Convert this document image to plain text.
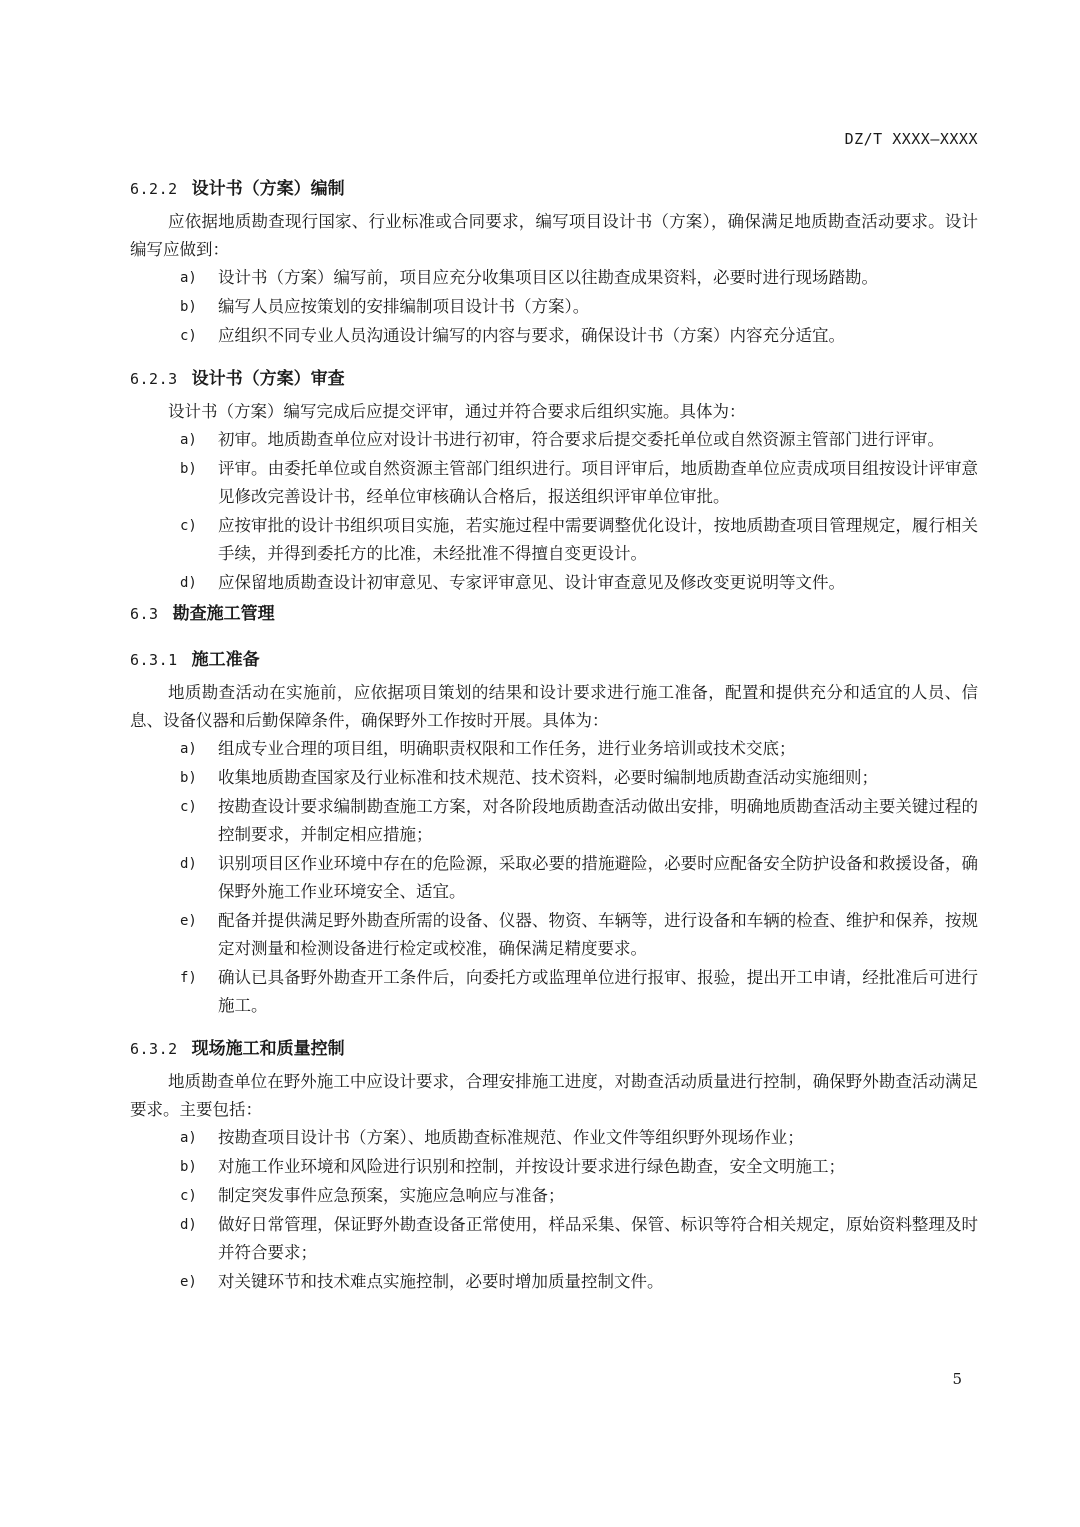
DZ/T XXXX—XXXX
6.2.2 设计书（方案）编制

应依据地质勘查现行国家、行业标准或合同要求，编写项目设计书（方案），确保满足地质勘查活动要求。设计编写应做到：

a)	设计书（方案）编写前，项目应充分收集项目区以往勘查成果资料，必要时进行现场踏勘。
b)	编写人员应按策划的安排编制项目设计书（方案）。
c)	应组织不同专业人员沟通设计编写的内容与要求，确保设计书（方案）内容充分适宜。
6.2.3 设计书（方案）审查

设计书（方案）编写完成后应提交评审，通过并符合要求后组织实施。具体为：

a)	初审。地质勘查单位应对设计书进行初审，符合要求后提交委托单位或自然资源主管部门进行评审。
b)	评审。由委托单位或自然资源主管部门组织进行。项目评审后，地质勘查单位应责成项目组按设计评审意见修改完善设计书，经单位审核确认合格后，报送组织评审单位审批。
c)	应按审批的设计书组织项目实施，若实施过程中需要调整优化设计，按地质勘查项目管理规定，履行相关手续，并得到委托方的比准，未经批准不得擅自变更设计。
d)	应保留地质勘查设计初审意见、专家评审意见、设计审查意见及修改变更说明等文件。
6.3 勘查施工管理
6.3.1 施工准备

地质勘查活动在实施前，应依据项目策划的结果和设计要求进行施工准备，配置和提供充分和适宜的人员、信息、设备仪器和后勤保障条件，确保野外工作按时开展。具体为：

a)	组成专业合理的项目组，明确职责权限和工作任务，进行业务培训或技术交底；
b)	收集地质勘查国家及行业标准和技术规范、技术资料，必要时编制地质勘查活动实施细则；
c)	按勘查设计要求编制勘查施工方案，对各阶段地质勘查活动做出安排，明确地质勘查活动主要关键过程的控制要求，并制定相应措施；
d)	识别项目区作业环境中存在的危险源，采取必要的措施避险，必要时应配备安全防护设备和救援设备，确保野外施工作业环境安全、适宜。
e)	配备并提供满足野外勘查所需的设备、仪器、物资、车辆等，进行设备和车辆的检查、维护和保养，按规定对测量和检测设备进行检定或校准，确保满足精度要求。
f)	确认已具备野外勘查开工条件后，向委托方或监理单位进行报审、报验，提出开工申请，经批准后可进行施工。
6.3.2 现场施工和质量控制

地质勘查单位在野外施工中应设计要求，合理安排施工进度，对勘查活动质量进行控制，确保野外勘查活动满足要求。主要包括：

a)	按勘查项目设计书（方案）、地质勘查标准规范、作业文件等组织野外现场作业；
b)	对施工作业环境和风险进行识别和控制，并按设计要求进行绿色勘查，安全文明施工；
c)	制定突发事件应急预案，实施应急响应与准备；
d)	做好日常管理，保证野外勘查设备正常使用，样品采集、保管、标识等符合相关规定，原始资料整理及时并符合要求；
e)	对关键环节和技术难点实施控制，必要时增加质量控制文件。
5
